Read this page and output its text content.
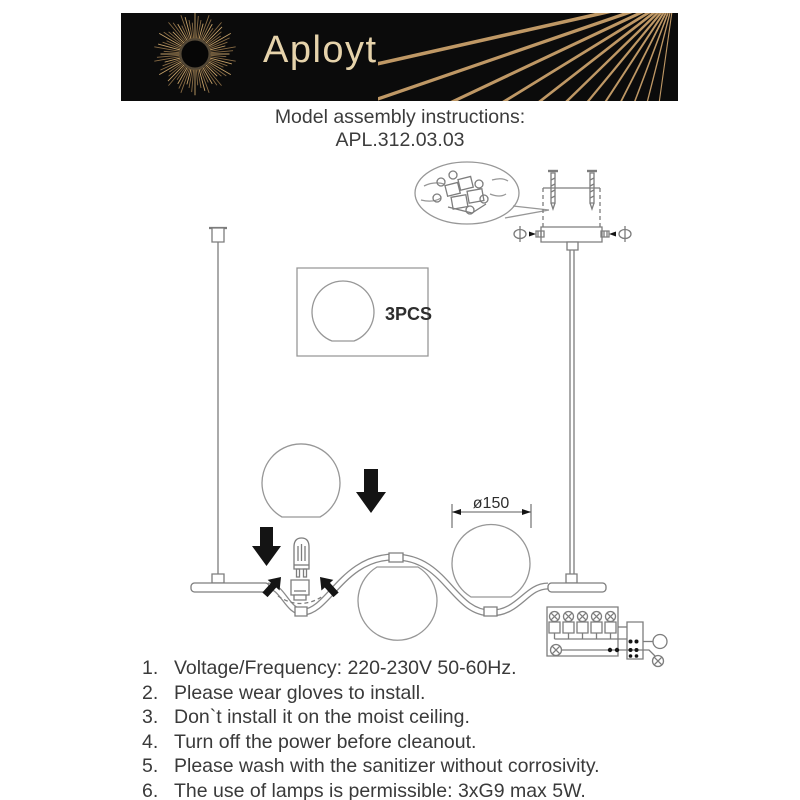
Aployt
Model assembly instructions:
APL.312.03.03
3PCS
ø150
1. Voltage/Frequency: 220-230V 50-60Hz.
2. Please wear gloves to install.
3. Don`t install it on the moist ceiling.
4. Turn off the power before cleanout.
5. Please wash with the sanitizer without corrosivity.
6. The use of lamps is permissible: 3xG9 max 5W.
